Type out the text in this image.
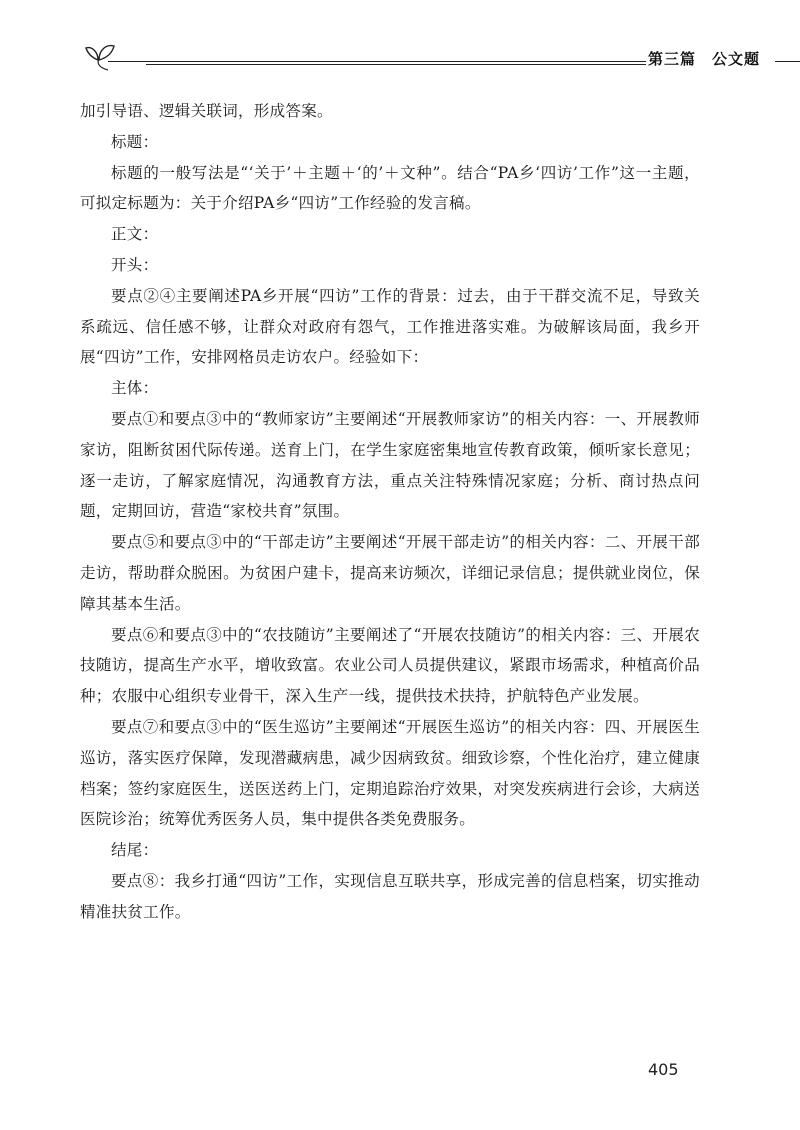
第三篇　公文题

加引导语、逻辑关联词，形成答案。

标题：

标题的一般写法是“‘关于’＋主题＋‘的’＋文种”。结合“PA乡‘四访’工作”这一主题，可拟定标题为：关于介绍PA乡“四访”工作经验的发言稿。

正文：

开头：

要点②④主要阐述PA乡开展“四访”工作的背景：过去，由于干群交流不足，导致关系疏远、信任感不够，让群众对政府有怨气，工作推进落实难。为破解该局面，我乡开展“四访”工作，安排网格员走访农户。经验如下：

主体：

要点①和要点③中的“教师家访”主要阐述“开展教师家访”的相关内容：一、开展教师家访，阻断贫困代际传递。送育上门，在学生家庭密集地宣传教育政策，倾听家长意见；逐一走访，了解家庭情况，沟通教育方法，重点关注特殊情况家庭；分析、商讨热点问题，定期回访，营造“家校共育”氛围。

要点⑤和要点③中的“干部走访”主要阐述“开展干部走访”的相关内容：二、开展干部走访，帮助群众脱困。为贫困户建卡，提高来访频次，详细记录信息；提供就业岗位，保障其基本生活。

要点⑥和要点③中的“农技随访”主要阐述了“开展农技随访”的相关内容：三、开展农技随访，提高生产水平，增收致富。农业公司人员提供建议，紧跟市场需求，种植高价品种；农服中心组织专业骨干，深入生产一线，提供技术扶持，护航特色产业发展。

要点⑦和要点③中的“医生巡访”主要阐述“开展医生巡访”的相关内容：四、开展医生巡访，落实医疗保障，发现潜藏病患，减少因病致贫。细致诊察，个性化治疗，建立健康档案；签约家庭医生，送医送药上门，定期追踪治疗效果，对突发疾病进行会诊，大病送医院诊治；统筹优秀医务人员，集中提供各类免费服务。

结尾：

要点⑧：我乡打通“四访”工作，实现信息互联共享，形成完善的信息档案，切实推动精准扶贫工作。

405
